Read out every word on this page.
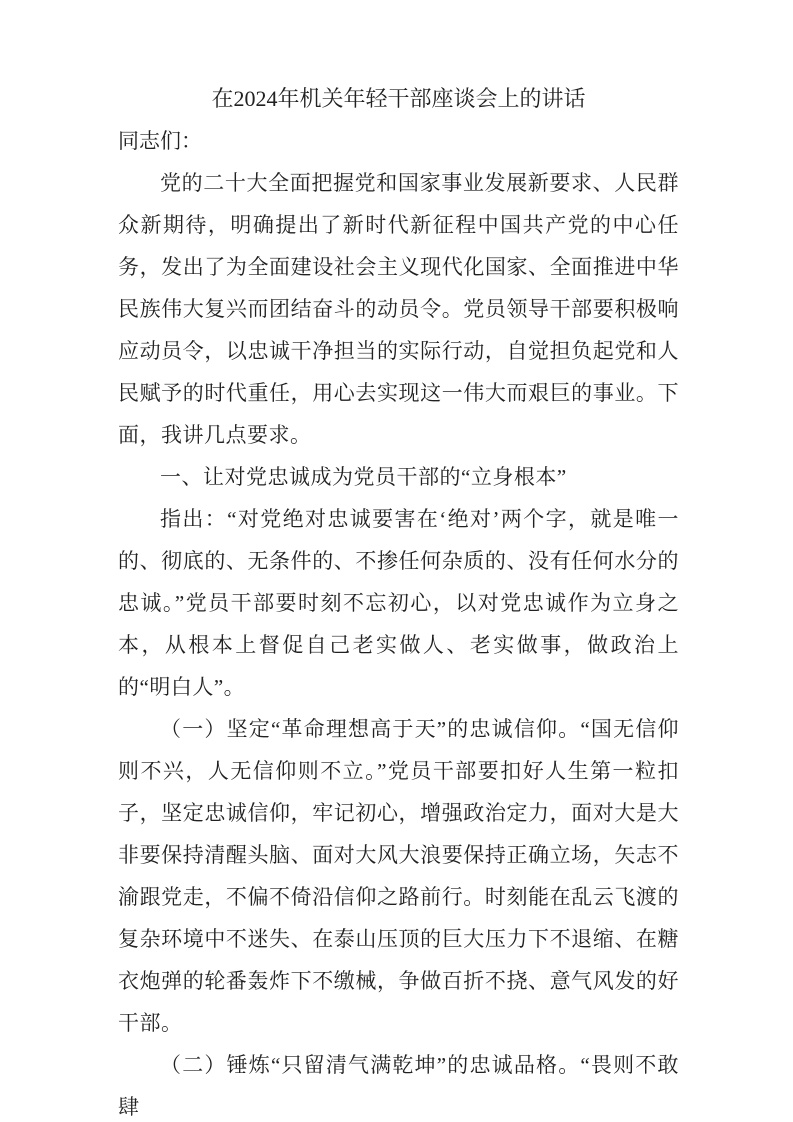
在2024年机关年轻干部座谈会上的讲话

同志们：

党的二十大全面把握党和国家事业发展新要求、人民群众新期待，明确提出了新时代新征程中国共产党的中心任务，发出了为全面建设社会主义现代化国家、全面推进中华民族伟大复兴而团结奋斗的动员令。党员领导干部要积极响应动员令，以忠诚干净担当的实际行动，自觉担负起党和人民赋予的时代重任，用心去实现这一伟大而艰巨的事业。下面，我讲几点要求。

一、让对党忠诚成为党员干部的“立身根本”

指出：“对党绝对忠诚要害在‘绝对’两个字，就是唯一的、彻底的、无条件的、不掺任何杂质的、没有任何水分的忠诚。”党员干部要时刻不忘初心，以对党忠诚作为立身之本，从根本上督促自己老实做人、老实做事，做政治上的“明白人”。

（一）坚定“革命理想高于天”的忠诚信仰。“国无信仰则不兴，人无信仰则不立。”党员干部要扣好人生第一粒扣子，坚定忠诚信仰，牢记初心，增强政治定力，面对大是大非要保持清醒头脑、面对大风大浪要保持正确立场，矢志不渝跟党走，不偏不倚沿信仰之路前行。时刻能在乱云飞渡的复杂环境中不迷失、在泰山压顶的巨大压力下不退缩、在糖衣炮弹的轮番轰炸下不缴械，争做百折不挠、意气风发的好干部。

（二）锤炼“只留清气满乾坤”的忠诚品格。“畏则不敢肆
